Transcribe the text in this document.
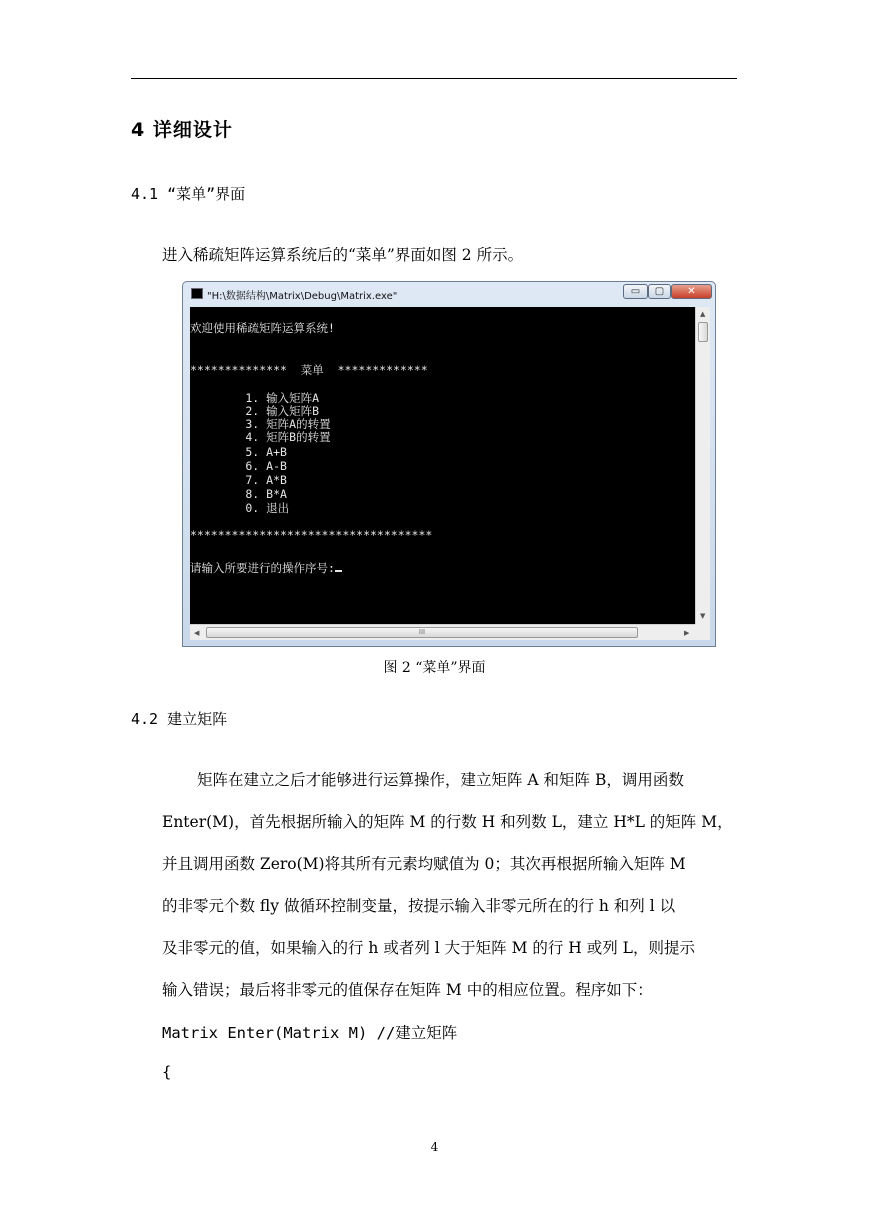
4 详细设计
4.1 “菜单”界面
进入稀疏矩阵运算系统后的“菜单”界面如图 2 所示。
"H:\数据结构\Matrix\Debug\Matrix.exe"	▭	▢	✕
欢迎使用稀疏矩阵运算系统!
**************  菜单  *************
1. 输入矩阵A
2. 输入矩阵B
3. 矩阵A的转置
4. 矩阵B的转置
5. A+B
6. A-B
7. A*B
8. B*A
0. 退出
***********************************
请输入所要进行的操作序号:
▲
▼
◀	III	▶
图 2 “菜单”界面
4.2 建立矩阵
矩阵在建立之后才能够进行运算操作，建立矩阵 A 和矩阵 B，调用函数
Enter(M)，首先根据所输入的矩阵 M 的行数 H 和列数 L，建立 H*L 的矩阵 M，
并且调用函数 Zero(M)将其所有元素均赋值为 0；其次再根据所输入矩阵 M
的非零元个数 fly 做循环控制变量，按提示输入非零元所在的行 h 和列 l 以
及非零元的值，如果输入的行 h 或者列 l 大于矩阵 M 的行 H 或列 L，则提示
输入错误；最后将非零元的值保存在矩阵 M 中的相应位置。程序如下：
Matrix Enter(Matrix M) //建立矩阵
{
4
